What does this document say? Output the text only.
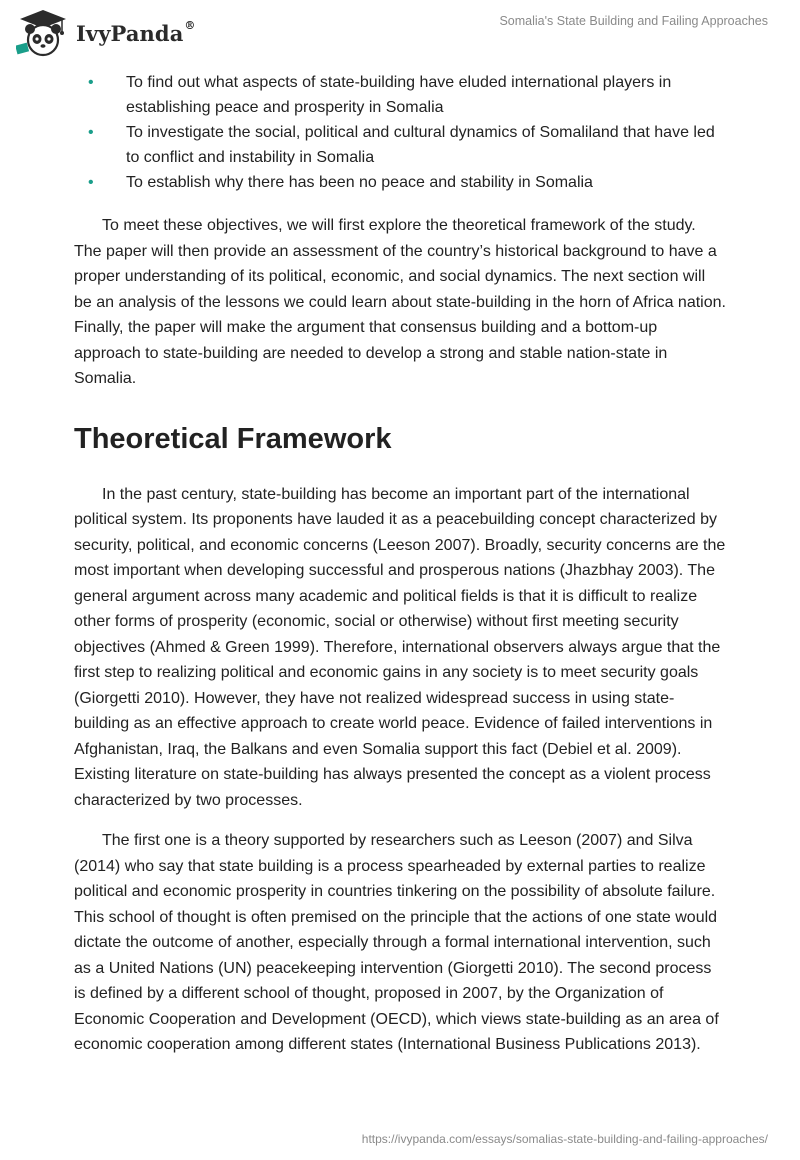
IvyPanda®	Somalia's State Building and Failing Approaches
• To find out what aspects of state-building have eluded international players in establishing peace and prosperity in Somalia
• To investigate the social, political and cultural dynamics of Somaliland that have led to conflict and instability in Somalia
• To establish why there has been no peace and stability in Somalia

To meet these objectives, we will first explore the theoretical framework of the study. The paper will then provide an assessment of the country’s historical background to have a proper understanding of its political, economic, and social dynamics. The next section will be an analysis of the lessons we could learn about state-building in the horn of Africa nation. Finally, the paper will make the argument that consensus building and a bottom-up approach to state-building are needed to develop a strong and stable nation-state in Somalia.

Theoretical Framework

In the past century, state-building has become an important part of the international political system. Its proponents have lauded it as a peacebuilding concept characterized by security, political, and economic concerns (Leeson 2007). Broadly, security concerns are the most important when developing successful and prosperous nations (Jhazbhay 2003). The general argument across many academic and political fields is that it is difficult to realize other forms of prosperity (economic, social or otherwise) without first meeting security objectives (Ahmed & Green 1999). Therefore, international observers always argue that the first step to realizing political and economic gains in any society is to meet security goals (Giorgetti 2010). However, they have not realized widespread success in using state-building as an effective approach to create world peace. Evidence of failed interventions in Afghanistan, Iraq, the Balkans and even Somalia support this fact (Debiel et al. 2009). Existing literature on state-building has always presented the concept as a violent process characterized by two processes.

The first one is a theory supported by researchers such as Leeson (2007) and Silva (2014) who say that state building is a process spearheaded by external parties to realize political and economic prosperity in countries tinkering on the possibility of absolute failure. This school of thought is often premised on the principle that the actions of one state would dictate the outcome of another, especially through a formal international intervention, such as a United Nations (UN) peacekeeping intervention (Giorgetti 2010). The second process is defined by a different school of thought, proposed in 2007, by the Organization of Economic Cooperation and Development (OECD), which views state-building as an area of economic cooperation among different states (International Business Publications 2013).

https://ivypanda.com/essays/somalias-state-building-and-failing-approaches/
